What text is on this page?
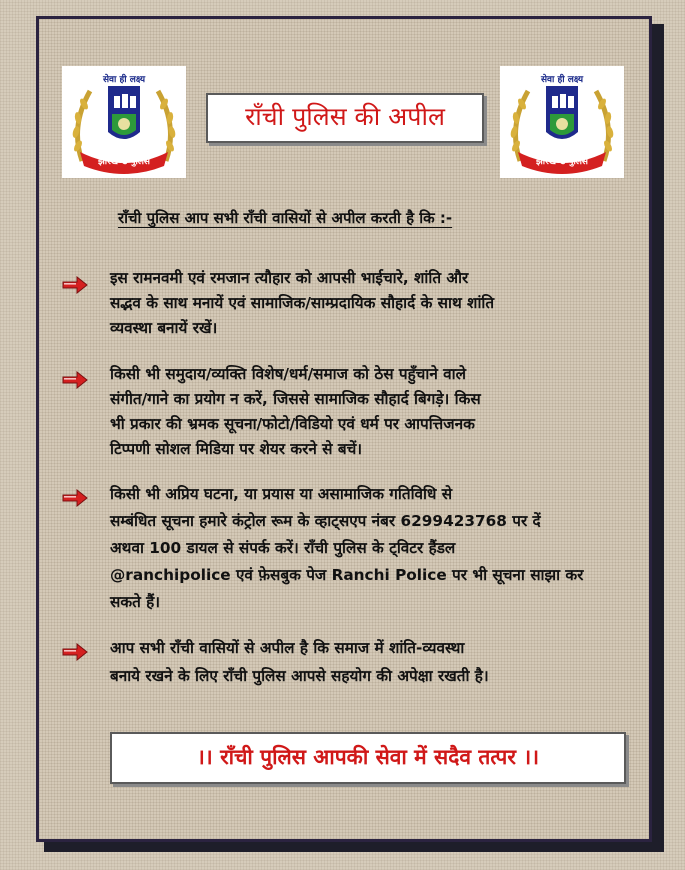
सेवा ही लक्ष्य
झारखण्ड पुलिस
सेवा ही लक्ष्य
झारखण्ड पुलिस
राँची पुलिस की अपील
राँची पुलिस आप सभी राँची वासियों से अपील करती है कि :-
इस रामनवमी एवं रमजान त्यौहार को आपसी भाईचारे, शांति और
सद्भव के साथ मनायें एवं सामाजिक/साम्प्रदायिक सौहार्द के साथ शांति
व्यवस्था बनायें रखें।
किसी भी समुदाय/व्यक्ति विशेष/धर्म/समाज को ठेस पहुँचाने वाले
संगीत/गाने का प्रयोग न करें, जिससे सामाजिक सौहार्द बिगड़े। किस
भी प्रकार की भ्रमक सूचना/फोटो/विडियो एवं धर्म पर आपत्तिजनक
टिप्पणी सोशल मिडिया पर शेयर करने से बचें।
किसी भी अप्रिय घटना, या प्रयास या असामाजिक गतिविधि से
सम्बंधित सूचना हमारे कंट्रोल रूम के व्हाट्सएप नंबर 6299423768 पर दें
अथवा 100 डायल से संपर्क करें। राँची पुलिस के ट्विटर हैंडल
@ranchipolice एवं फ़ेसबुक पेज Ranchi Police पर भी सूचना साझा कर
सकते हैं।
आप सभी राँची वासियों से अपील है कि समाज में शांति-व्यवस्था
बनाये रखने के लिए राँची पुलिस आपसे सहयोग की अपेक्षा रखती है।
।। राँची पुलिस आपकी सेवा में सदैव तत्पर ।।
